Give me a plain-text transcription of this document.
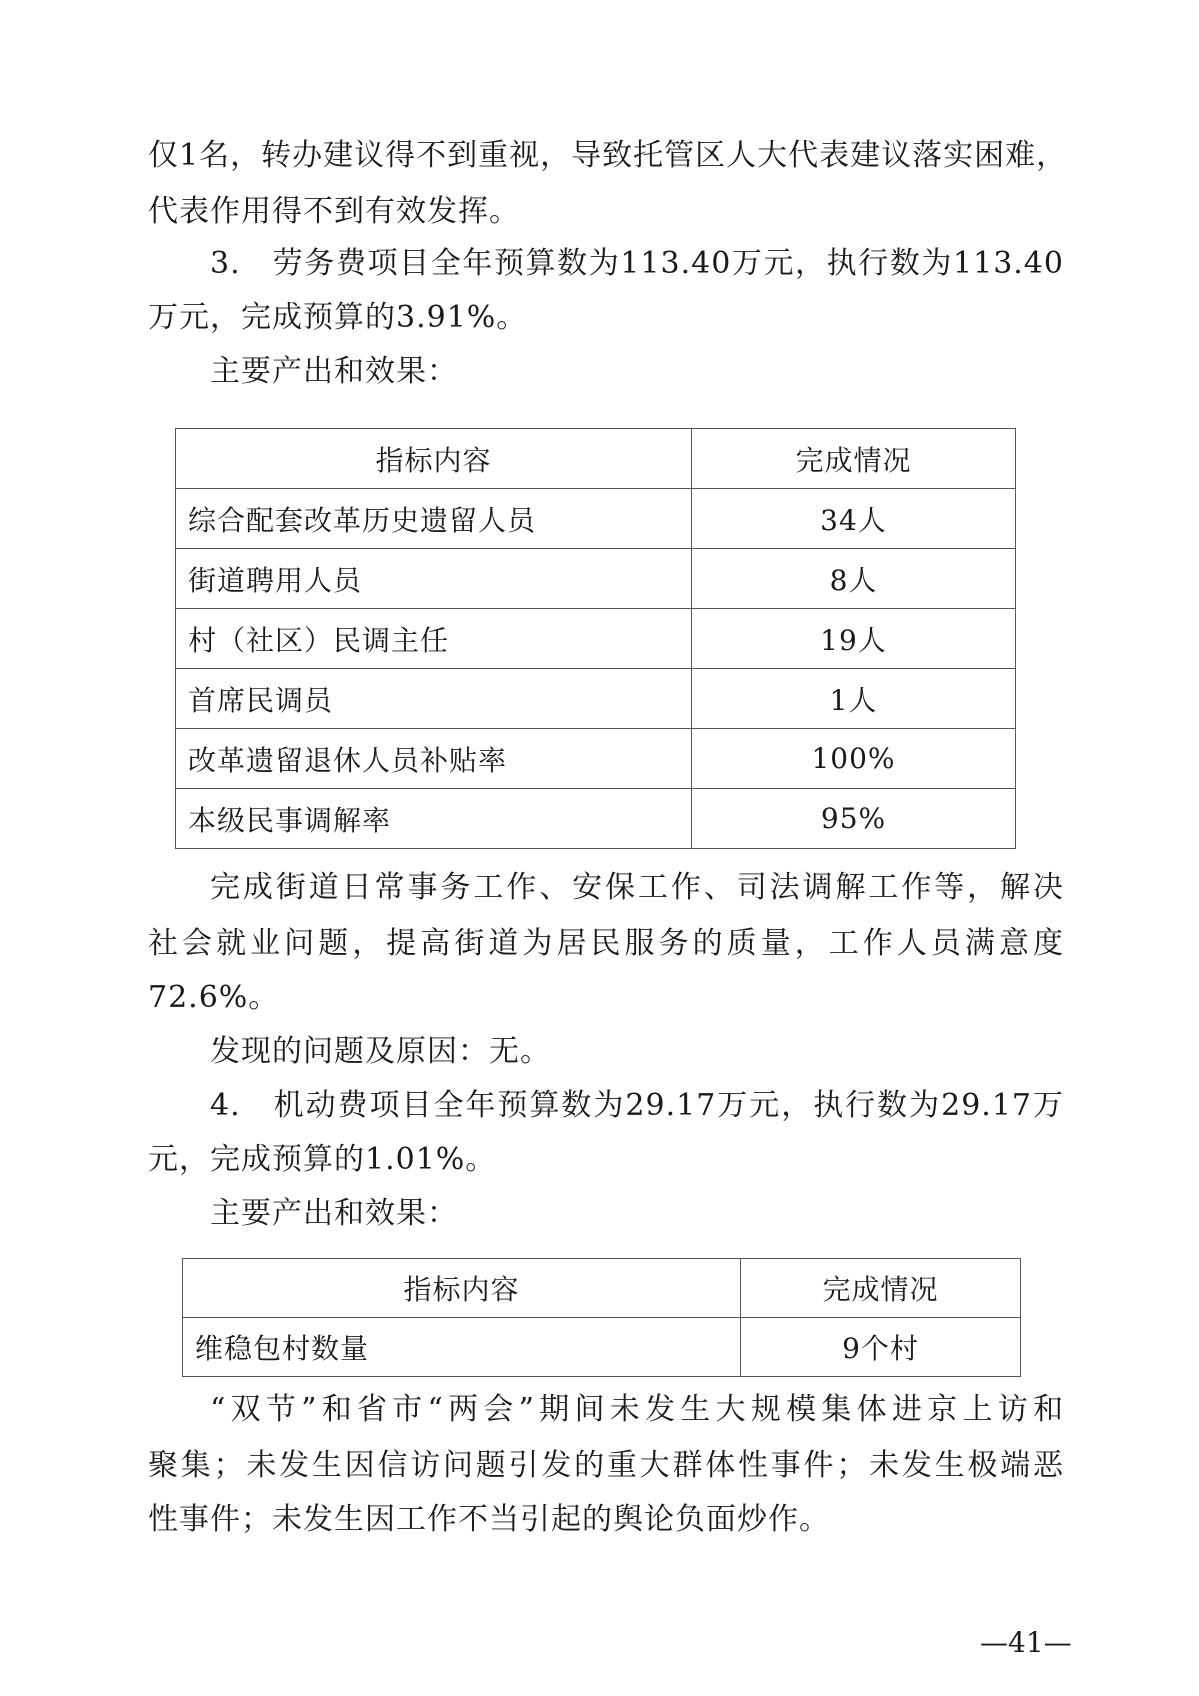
仅1名，转办建议得不到重视，导致托管区人大代表建议落实困难，
代表作用得不到有效发挥。
3.　劳务费项目全年预算数为113.40万元，执行数为113.40
万元，完成预算的3.91%。
主要产出和效果：
指标内容	完成情况
综合配套改革历史遗留人员	34人
街道聘用人员	8人
村（社区）民调主任	19人
首席民调员	1人
改革遗留退休人员补贴率	100%
本级民事调解率	95%
完成街道日常事务工作、安保工作、司法调解工作等，解决
社会就业问题，提高街道为居民服务的质量，工作人员满意度
72.6%。
发现的问题及原因：无。
4.　机动费项目全年预算数为29.17万元，执行数为29.17万
元，完成预算的1.01%。
主要产出和效果：
指标内容	完成情况
维稳包村数量	9个村
“双节”和省市“两会”期间未发生大规模集体进京上访和
聚集；未发生因信访问题引发的重大群体性事件；未发生极端恶
性事件；未发生因工作不当引起的舆论负面炒作。
—41—
